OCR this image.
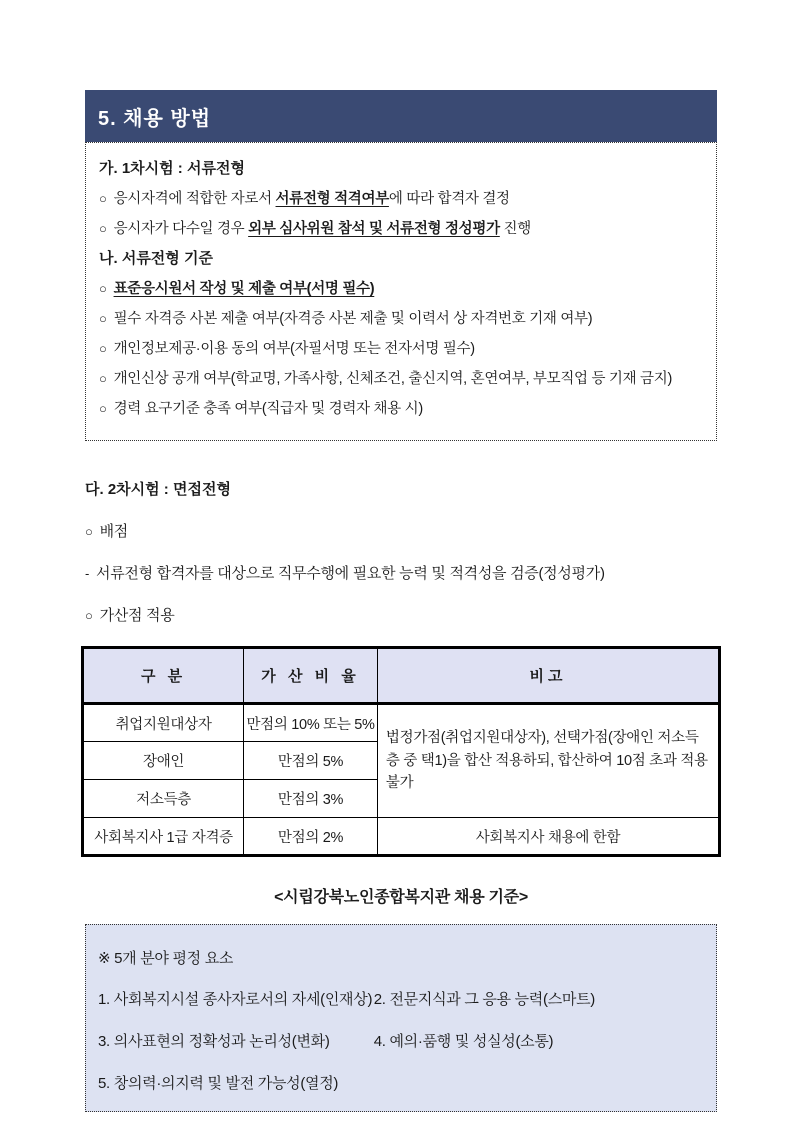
5. 채용 방법

가. 1차시험 : 서류전형

○ 응시자격에 적합한 자로서 서류전형 적격여부에 따라 합격자 결정

○ 응시자가 다수일 경우 외부 심사위원 참석 및 서류전형 정성평가 진행

나. 서류전형 기준

○ 표준응시원서 작성 및 제출 여부(서명 필수)

○ 필수 자격증 사본 제출 여부(자격증 사본 제출 및 이력서 상 자격번호 기재 여부)

○ 개인정보제공·이용 동의 여부(자필서명 또는 전자서명 필수)

○ 개인신상 공개 여부(학교명, 가족사항, 신체조건, 출신지역, 혼연여부, 부모직업 등 기재 금지)

○ 경력 요구기준 충족 여부(직급자 및 경력자 채용 시)

다. 2차시험 : 면접전형

○ 배점

- 서류전형 합격자를 대상으로 직무수행에 필요한 능력 및 적격성을 검증(정성평가)

○ 가산점 적용

구 분	가 산 비 율	비고
취업지원대상자	만점의 10% 또는 5%	법정가점(취업지원대상자), 선택가점(장애인 저소득층 중 택1)을 합산 적용하되, 합산하여 10점 초과 적용 불가
장애인	만점의 5%	
저소득층	만점의 3%	
사회복지사 1급 자격증	만점의 2%	사회복지사 채용에 한함

<시립강북노인종합복지관 채용 기준>

※ 5개 분야 평정 요소

1. 사회복지시설 종사자로서의 자세(인재상) 2. 전문지식과 그 응용 능력(스마트)
3. 의사표현의 정확성과 논리성(변화)	4. 예의·품행 및 성실성(소통)
5. 창의력·의지력 및 발전 가능성(열정)
